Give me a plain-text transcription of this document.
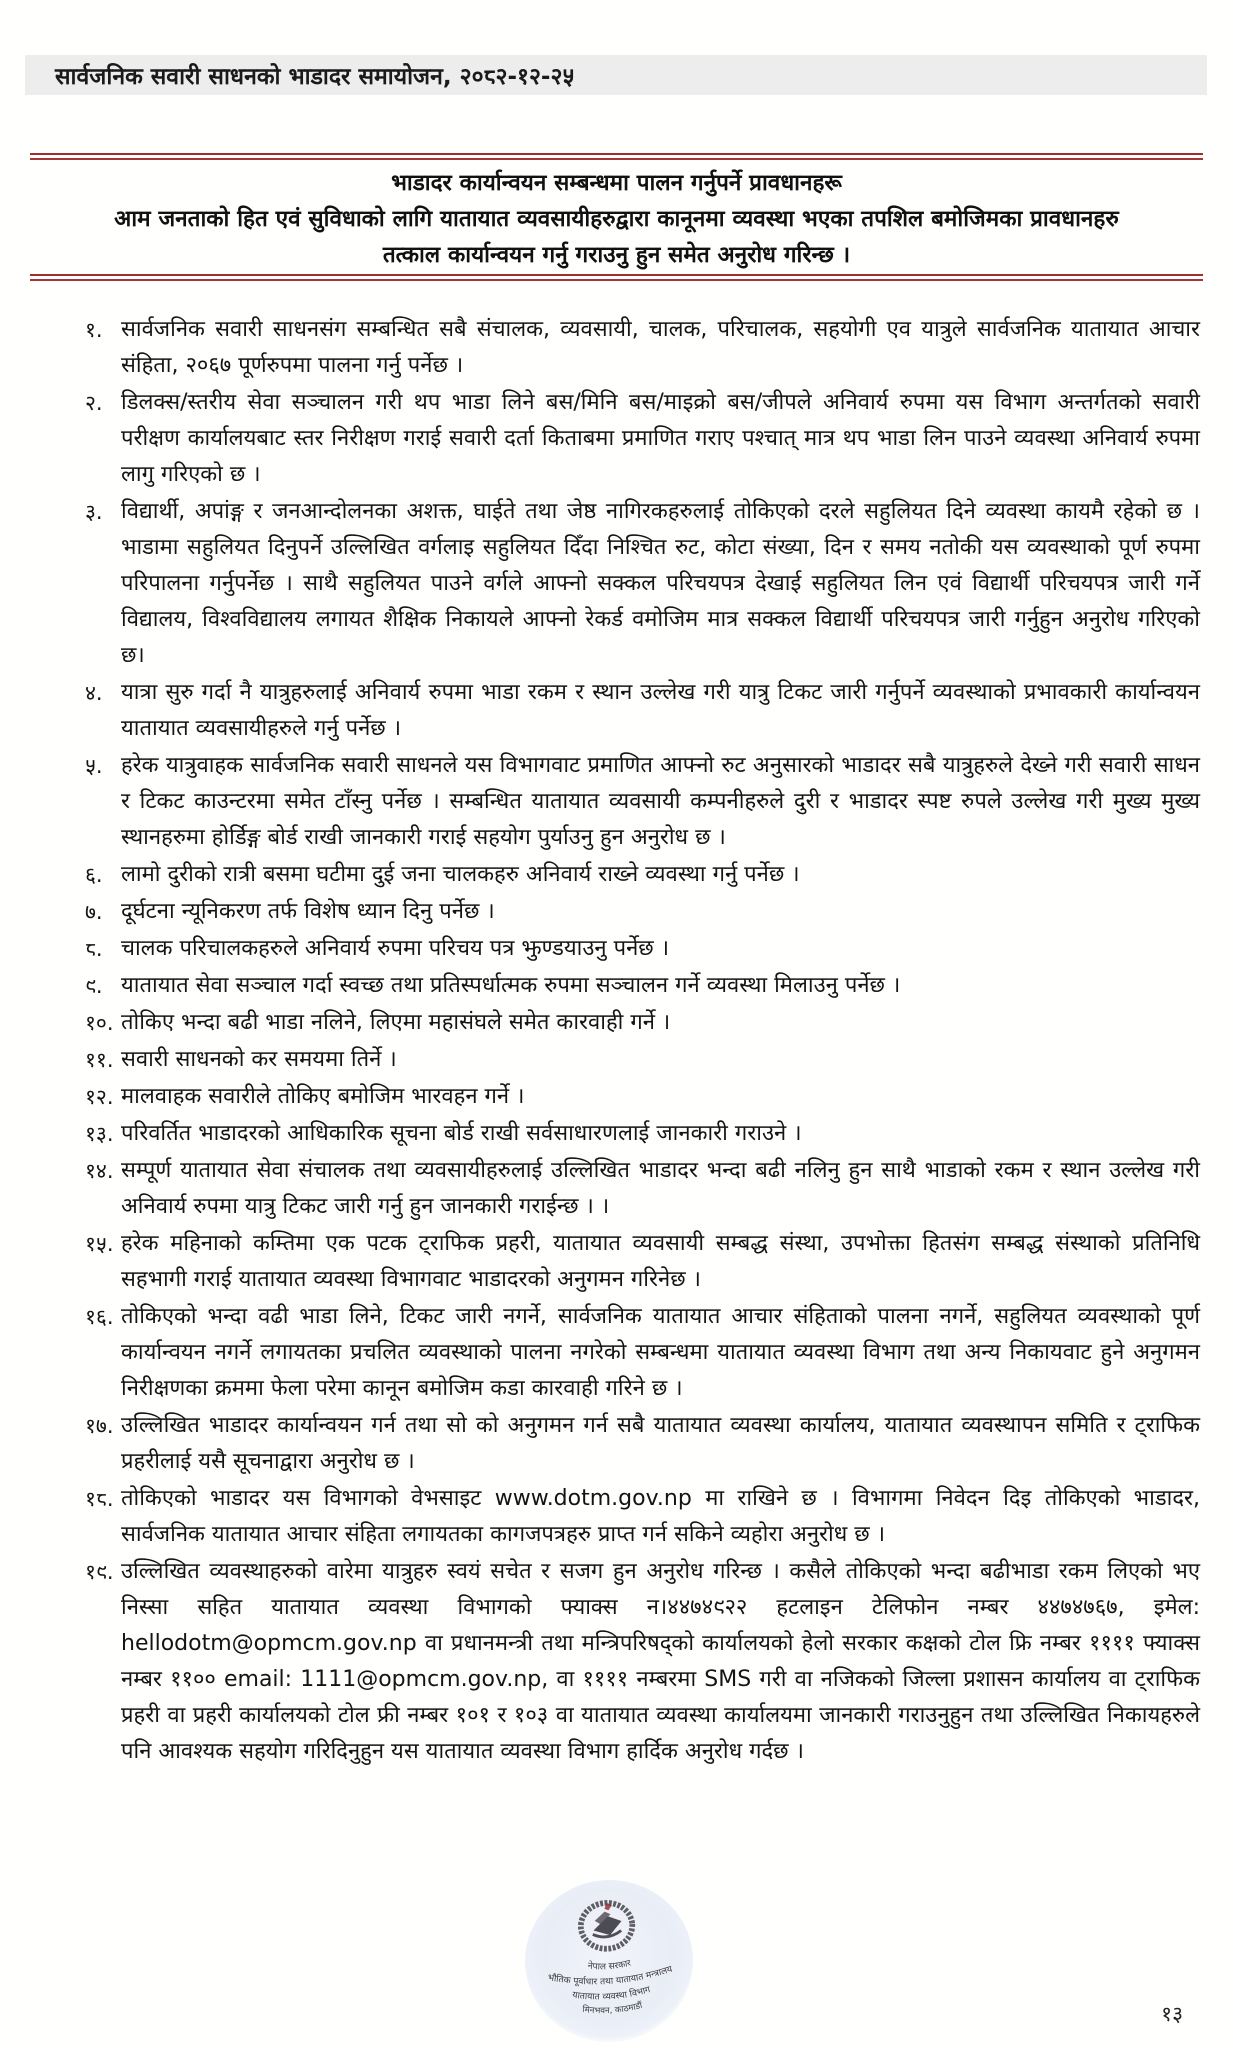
सार्वजनिक सवारी साधनको भाडादर समायोजन, २०८२-१२-२५
भाडादर कार्यान्वयन सम्बन्धमा पालन गर्नुपर्ने प्रावधानहरू
आम जनताको हित एवं सुविधाको लागि यातायात व्यवसायीहरुद्वारा कानूनमा व्यवस्था भएका तपशिल बमोजिमका प्रावधानहरु
तत्काल कार्यान्वयन गर्नु गराउनु हुन समेत अनुरोध गरिन्छ ।
१. सार्वजनिक सवारी साधनसंग सम्बन्धित सबै संचालक, व्यवसायी, चालक, परिचालक, सहयोगी एव यात्रुले सार्वजनिक यातायात आचार संहिता, २०६७ पूर्णरुपमा पालना गर्नु पर्नेछ ।
२. डिलक्स/स्तरीय सेवा सञ्चालन गरी थप भाडा लिने बस/मिनि बस/माइक्रो बस/जीपले अनिवार्य रुपमा यस विभाग अन्तर्गतको सवारी परीक्षण कार्यालयबाट स्तर निरीक्षण गराई सवारी दर्ता किताबमा प्रमाणित गराए पश्चात् मात्र थप भाडा लिन पाउने व्यवस्था अनिवार्य रुपमा लागु गरिएको छ ।
३. विद्यार्थी, अपांङ्ग र जनआन्दोलनका अशक्त, घाईते तथा जेष्ठ नागिरकहरुलाई तोकिएको दरले सहुलियत दिने व्यवस्था कायमै रहेको छ । भाडामा सहुलियत दिनुपर्ने उल्लिखित वर्गलाइ सहुलियत दिँदा निश्चित रुट, कोटा संख्या, दिन र समय नतोकी यस व्यवस्थाको पूर्ण रुपमा परिपालना गर्नुपर्नेछ । साथै सहुलियत पाउने वर्गले आफ्नो सक्कल परिचयपत्र देखाई सहुलियत लिन एवं विद्यार्थी परिचयपत्र जारी गर्ने विद्यालय, विश्वविद्यालय लगायत शैक्षिक निकायले आफ्नो रेकर्ड वमोजिम मात्र सक्कल विद्यार्थी परिचयपत्र जारी गर्नुहुन अनुरोध गरिएको छ।
४. यात्रा सुरु गर्दा नै यात्रुहरुलाई अनिवार्य रुपमा भाडा रकम र स्थान उल्लेख गरी यात्रु टिकट जारी गर्नुपर्ने व्यवस्थाको प्रभावकारी कार्यान्वयन यातायात व्यवसायीहरुले गर्नु पर्नेछ ।
५. हरेक यात्रुवाहक सार्वजनिक सवारी साधनले यस विभागवाट प्रमाणित आफ्नो रुट अनुसारको भाडादर सबै यात्रुहरुले देख्ने गरी सवारी साधन र टिकट काउन्टरमा समेत टाँस्नु पर्नेछ । सम्बन्धित यातायात व्यवसायी कम्पनीहरुले दुरी र भाडादर स्पष्ट रुपले उल्लेख गरी मुख्य मुख्य स्थानहरुमा होर्डिङ्ग बोर्ड राखी जानकारी गराई सहयोग पुर्याउनु हुन अनुरोध छ ।
६. लामो दुरीको रात्री बसमा घटीमा दुई जना चालकहरु अनिवार्य राख्ने व्यवस्था गर्नु पर्नेछ ।
७. दूर्घटना न्यूनिकरण तर्फ विशेष ध्यान दिनु पर्नेछ ।
८. चालक परिचालकहरुले अनिवार्य रुपमा परिचय पत्र झुण्डयाउनु पर्नेछ ।
९. यातायात सेवा सञ्चाल गर्दा स्वच्छ तथा प्रतिस्पर्धात्मक रुपमा सञ्चालन गर्ने व्यवस्था मिलाउनु पर्नेछ ।
१०. तोकिए भन्दा बढी भाडा नलिने, लिएमा महासंघले समेत कारवाही गर्ने ।
११. सवारी साधनको कर समयमा तिर्ने ।
१२. मालवाहक सवारीले तोकिए बमोजिम भारवहन गर्ने ।
१३. परिवर्तित भाडादरको आधिकारिक सूचना बोर्ड राखी सर्वसाधारणलाई जानकारी गराउने ।
१४. सम्पूर्ण यातायात सेवा संचालक तथा व्यवसायीहरुलाई उल्लिखित भाडादर भन्दा बढी नलिनु हुन साथै भाडाको रकम र स्थान उल्लेख गरी अनिवार्य रुपमा यात्रु टिकट जारी गर्नु हुन जानकारी गराईन्छ । ।
१५. हरेक महिनाको कम्तिमा एक पटक ट्राफिक प्रहरी, यातायात व्यवसायी सम्बद्ध संस्था, उपभोक्ता हितसंग सम्बद्ध संस्थाको प्रतिनिधि सहभागी गराई यातायात व्यवस्था विभागवाट भाडादरको अनुगमन गरिनेछ ।
१६. तोकिएको भन्दा वढी भाडा लिने, टिकट जारी नगर्ने, सार्वजनिक यातायात आचार संहिताको पालना नगर्ने, सहुलियत व्यवस्थाको पूर्ण कार्यान्वयन नगर्ने लगायतका प्रचलित व्यवस्थाको पालना नगरेको सम्बन्धमा यातायात व्यवस्था विभाग तथा अन्य निकायवाट हुने अनुगमन निरीक्षणका क्रममा फेला परेमा कानून बमोजिम कडा कारवाही गरिने छ ।
१७. उल्लिखित भाडादर कार्यान्वयन गर्न तथा सो को अनुगमन गर्न सबै यातायात व्यवस्था कार्यालय, यातायात व्यवस्थापन समिति र ट्राफिक प्रहरीलाई यसै सूचनाद्वारा अनुरोध छ ।
१८. तोकिएको भाडादर यस विभागको वेभसाइट www.dotm.gov.np मा राखिने छ । विभागमा निवेदन दिइ तोकिएको भाडादर, सार्वजनिक यातायात आचार संहिता लगायतका कागजपत्रहरु प्राप्त गर्न सकिने व्यहोरा अनुरोध छ ।
१९. उल्लिखित व्यवस्थाहरुको वारेमा यात्रुहरु स्वयं सचेत र सजग हुन अनुरोध गरिन्छ । कसैले तोकिएको भन्दा बढीभाडा रकम लिएको भए निस्सा सहित यातायात व्यवस्था विभागको फ्याक्स न।४४७४९२२ हटलाइन टेलिफोन नम्बर ४४७४७६७, इमेल: hellodotm@opmcm.gov.np वा प्रधानमन्त्री तथा मन्त्रिपरिषद्को कार्यालयको हेलो सरकार कक्षको टोल फ्रि नम्बर ११११ फ्याक्स नम्बर ११०० email: 1111@opmcm.gov.np, वा ११११ नम्बरमा SMS गरी वा नजिकको जिल्ला प्रशासन कार्यालय वा ट्राफिक प्रहरी वा प्रहरी कार्यालयको टोल फ्री नम्बर १०१ र १०३ वा यातायात व्यवस्था कार्यालयमा जानकारी गराउनुहुन तथा उल्लिखित निकायहरुले पनि आवश्यक सहयोग गरिदिनुहुन यस यातायात व्यवस्था विभाग हार्दिक अनुरोध गर्दछ ।
नेपाल सरकार
भौतिक पूर्वाधार तथा यातायात मन्त्रालय
यातायात व्यवस्था विभाग
मिनभवन, काठमाडौं	१३
